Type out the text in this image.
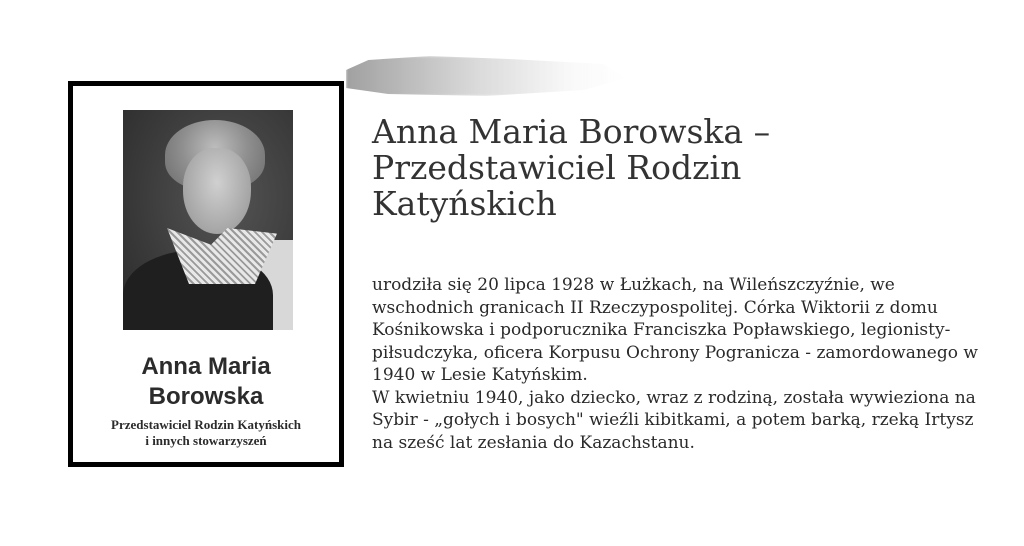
Anna Maria
Borowska
Przedstawiciel Rodzin Katyńskich
i innych stowarzyszeń
Anna Maria Borowska –
Przedstawiciel Rodzin
Katyńskich

urodziła się 20 lipca 1928 w Łużkach, na Wileńszczyźnie, we wschodnich granicach II Rzeczypospolitej. Córka Wiktorii z domu Kośnikowska i podporucznika Franciszka Popławskiego, legionisty-piłsudczyka, oficera Korpusu Ochrony Pogranicza - zamordowanego w 1940 w Lesie Katyńskim.

W kwietniu 1940, jako dziecko, wraz z rodziną, została wywieziona na Sybir - „gołych i bosych" wieźli kibitkami, a potem barką, rzeką Irtysz na sześć lat zesłania do Kazachstanu.
